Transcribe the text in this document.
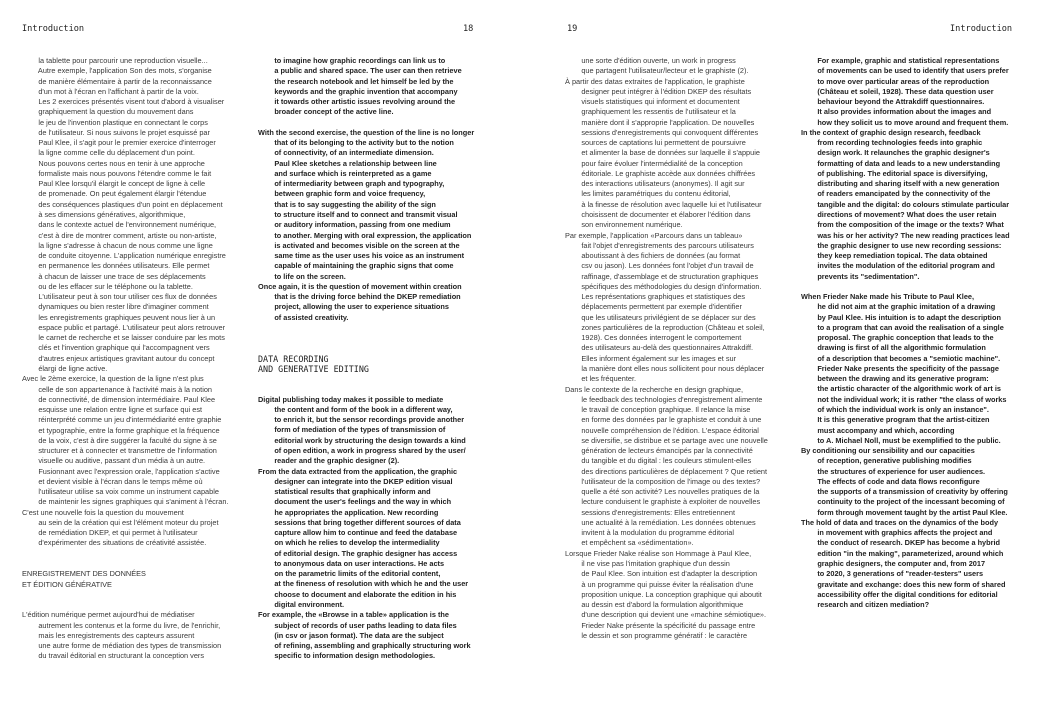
Introduction	18	19	Introduction

la tablette pour parcourir une reproduction visuelle...

Autre exemple, l'application Son des mots, s'organise

de manière élémentaire à partir de la reconnaissance

d'un mot à l'écran en l'affichant à partir de la voix.

Les 2 exercices présentés visent tout d'abord à visualiser

graphiquement la question du mouvement dans

le jeu de l'invention plastique en connectant le corps

de l'utilisateur. Si nous suivons le projet esquissé par

Paul Klee, il s'agit pour le premier exercice d'interroger

la ligne comme celle du déplacement d'un point.

Nous pouvons certes nous en tenir à une approche

formaliste mais nous pouvons l'étendre comme le fait

Paul Klee lorsqu'il élargit le concept de ligne à celle

de promenade. On peut également élargir l'étendue

des conséquences plastiques d'un point en déplacement

à ses dimensions génératives, algorithmique,

dans le contexte actuel de l'environnement numérique,

c'est à dire de montrer comment, artiste ou non-artiste,

la ligne s'adresse à chacun de nous comme une ligne

de conduite citoyenne. L'application numérique enregistre

en permanence les données utilisateurs. Elle permet

à chacun de laisser une trace de ses déplacements

ou de les effacer sur le téléphone ou la tablette.

L'utilisateur peut à son tour utiliser ces flux de données

dynamiques ou bien rester libre d'imaginer comment

les enregistrements graphiques peuvent nous lier à un

espace public et partagé. L'utilisateur peut alors retrouver

le carnet de recherche et se laisser conduire par les mots

clés et l'invention graphique qui l'accompagnent vers

d'autres enjeux artistiques gravitant autour du concept

élargi de ligne active.

Avec le 2ème exercice, la question de la ligne n'est plus

celle de son appartenance à l'activité mais à la notion

de connectivité, de dimension intermédiaire. Paul Klee

esquisse une relation entre ligne et surface qui est

réinterprété comme un jeu d'intermédiarité entre graphie

et typographie, entre la forme graphique et la fréquence

de la voix, c'est à dire suggérer la faculté du signe à se

structurer et à connecter et transmettre de l'information

visuelle ou auditive, passant d'un média à un autre.

Fusionnant avec l'expression orale, l'application s'active

et devient visible à l'écran dans le temps même où

l'utilisateur utilise sa voix comme un instrument capable

de maintenir les signes graphiques qui s'animent à l'écran.

C'est une nouvelle fois la question du mouvement

au sein de la création qui est l'élément moteur du projet

de remédiation DKEP, et qui permet à l'utilisateur

d'expérimenter des situations de créativité assistée.

ENREGISTREMENT DES DONNÉES

ET ÉDITION GÉNÉRATIVE

L'édition numérique permet aujourd'hui de médiatiser

autrement les contenus et la forme du livre, de l'enrichir,

mais les enregistrements des capteurs assurent

une autre forme de médiation des types de transmission

du travail éditorial en structurant la conception vers

to imagine how graphic recordings can link us to

a public and shared space. The user can then retrieve

the research notebook and let himself be led by the

keywords and the graphic invention that accompany

it towards other artistic issues revolving around the

broader concept of the active line.

With the second exercise, the question of the line is no longer

that of its belonging to the activity but to the notion

of connectivity, of an intermediate dimension.

Paul Klee sketches a relationship between line

and surface which is reinterpreted as a game

of intermediarity between graph and typography,

between graphic form and voice frequency,

that is to say suggesting the ability of the sign

to structure itself and to connect and transmit visual

or auditory information, passing from one medium

to another. Merging with oral expression, the application

is activated and becomes visible on the screen at the

same time as the user uses his voice as an instrument

capable of maintaining the graphic signs that come

to life on the screen.

Once again, it is the question of movement within creation

that is the driving force behind the DKEP remediation

project, allowing the user to experience situations

of assisted creativity.

DATA RECORDING

AND GENERATIVE EDITING

Digital publishing today makes it possible to mediate

the content and form of the book in a different way,

to enrich it, but the sensor recordings provide another

form of mediation of the types of transmission of

editorial work by structuring the design towards a kind

of open edition, a work in progress shared by the user/

reader and the graphic designer (2).

From the data extracted from the application, the graphic

designer can integrate into the DKEP edition visual

statistical results that graphically inform and

document the user's feelings and the way in which

he appropriates the application. New recording

sessions that bring together different sources of data

capture allow him to continue and feed the database

on which he relies to develop the intermediality

of editorial design. The graphic designer has access

to anonymous data on user interactions. He acts

on the parametric limits of the editorial content,

at the fineness of resolution with which he and the user

choose to document and elaborate the edition in his

digital environment.

For example, the «Browse in a table» application is the

subject of records of user paths leading to data files

(in csv or jason format). The data are the subject

of refining, assembling and graphically structuring work

specific to information design methodologies.

une sorte d'édition ouverte, un work in progress

que partagent l'utilisateur/lecteur et le graphiste (2).

À partir des datas extraites de l'application, le graphiste

designer peut intégrer à l'édition DKEP des résultats

visuels statistiques qui informent et documentent

graphiquement les ressentis de l'utilisateur et la

manière dont il s'approprie l'application. De nouvelles

sessions d'enregistrements qui convoquent différentes

sources de captations lui permettent de poursuivre

et alimenter la base de données sur laquelle il s'appuie

pour faire évoluer l'intermédialité de la conception

éditoriale. Le graphiste accède aux données chiffrées

des interactions utilisateurs (anonymes). Il agit sur

les limites paramétriques du contenu éditorial,

à la finesse de résolution avec laquelle lui et l'utilisateur

choisissent de documenter et élaborer l'édition dans

son environnement numérique.

Par exemple, l'application «Parcours dans un tableau»

fait l'objet d'enregistrements des parcours utilisateurs

aboutissant à des fichiers de données (au format

csv ou jason). Les données font l'objet d'un travail de

raffinage, d'assemblage et de structuration graphiques

spécifiques des méthodologies du design d'information.

Les représentations graphiques et statistiques des

déplacements permettent par exemple d'identifier

que les utilisateurs privilégient de se déplacer sur des

zones particulières de la reproduction (Château et soleil,

1928). Ces données interrogent le comportement

des utilisateurs au-delà des questionnaires Attrakdiff.

Elles informent également sur les images et sur

la manière dont elles nous sollicitent pour nous déplacer

et les fréquenter.

Dans le contexte de la recherche en design graphique,

le feedback des technologies d'enregistrement alimente

le travail de conception graphique. Il relance la mise

en forme des données par le graphiste et conduit à une

nouvelle compréhension de l'édition. L'espace éditorial

se diversifie, se distribue et se partage avec une nouvelle

génération de lecteurs émancipés par la connectivité

du tangible et du digital : les couleurs stimulent-elles

des directions particulières de déplacement ? Que retient

l'utilisateur de la composition de l'image ou des textes?

quelle a été son activité? Les nouvelles pratiques de la

lecture conduisent le graphiste à exploiter de nouvelles

sessions d'enregistrements: Elles entretiennent

une actualité à la remédiation. Les données obtenues

invitent à la modulation du programme éditorial

et empêchent sa «sédimentation».

Lorsque Frieder Nake réalise son Hommage à Paul Klee,

il ne vise pas l'imitation graphique d'un dessin

de Paul Klee. Son intuition est d'adapter la description

à un programme qui puisse éviter la réalisation d'une

proposition unique. La conception graphique qui aboutit

au dessin est d'abord la formulation algorithmique

d'une description qui devient une «machine sémiotique».

Frieder Nake présente la spécificité du passage entre

le dessin et son programme génératif : le caractère

For example, graphic and statistical representations

of movements can be used to identify that users prefer

to move over particular areas of the reproduction

(Château et soleil, 1928). These data question user

behaviour beyond the Attrakdiff questionnaires.

It also provides information about the images and

how they solicit us to move around and frequent them.

In the context of graphic design research, feedback

from recording technologies feeds into graphic

design work. It relaunches the graphic designer's

formatting of data and leads to a new understanding

of publishing. The editorial space is diversifying,

distributing and sharing itself with a new generation

of readers emancipated by the connectivity of the

tangible and the digital: do colours stimulate particular

directions of movement? What does the user retain

from the composition of the image or the texts? What

was his or her activity? The new reading practices lead

the graphic designer to use new recording sessions:

they keep remediation topical. The data obtained

invites the modulation of the editorial program and

prevents its "sedimentation".

When Frieder Nake made his Tribute to Paul Klee,

he did not aim at the graphic imitation of a drawing

by Paul Klee. His intuition is to adapt the description

to a program that can avoid the realisation of a single

proposal. The graphic conception that leads to the

drawing is first of all the algorithmic formulation

of a description that becomes a "semiotic machine".

Frieder Nake presents the specificity of the passage

between the drawing and its generative program:

the artistic character of the algorithmic work of art is

not the individual work; it is rather "the class of works

of which the individual work is only an instance".

It is this generative program that the artist-citizen

must accompany and which, according

to A. Michael Noll, must be exemplified to the public.

By conditioning our sensibility and our capacities

of reception, generative publishing modifies

the structures of experience for user audiences.

The effects of code and data flows reconfigure

the supports of a transmission of creativity by offering

continuity to the project of the incessant becoming of

form through movement taught by the artist Paul Klee.

The hold of data and traces on the dynamics of the body

in movement with graphics affects the project and

the conduct of research. DKEP has become a hybrid

edition "in the making", parameterized, around which

graphic designers, the computer and, from 2017

to 2020, 3 generations of "reader-testers" users

gravitate and exchange: does this new form of shared

accessibility offer the digital conditions for editorial

research and citizen mediation?
